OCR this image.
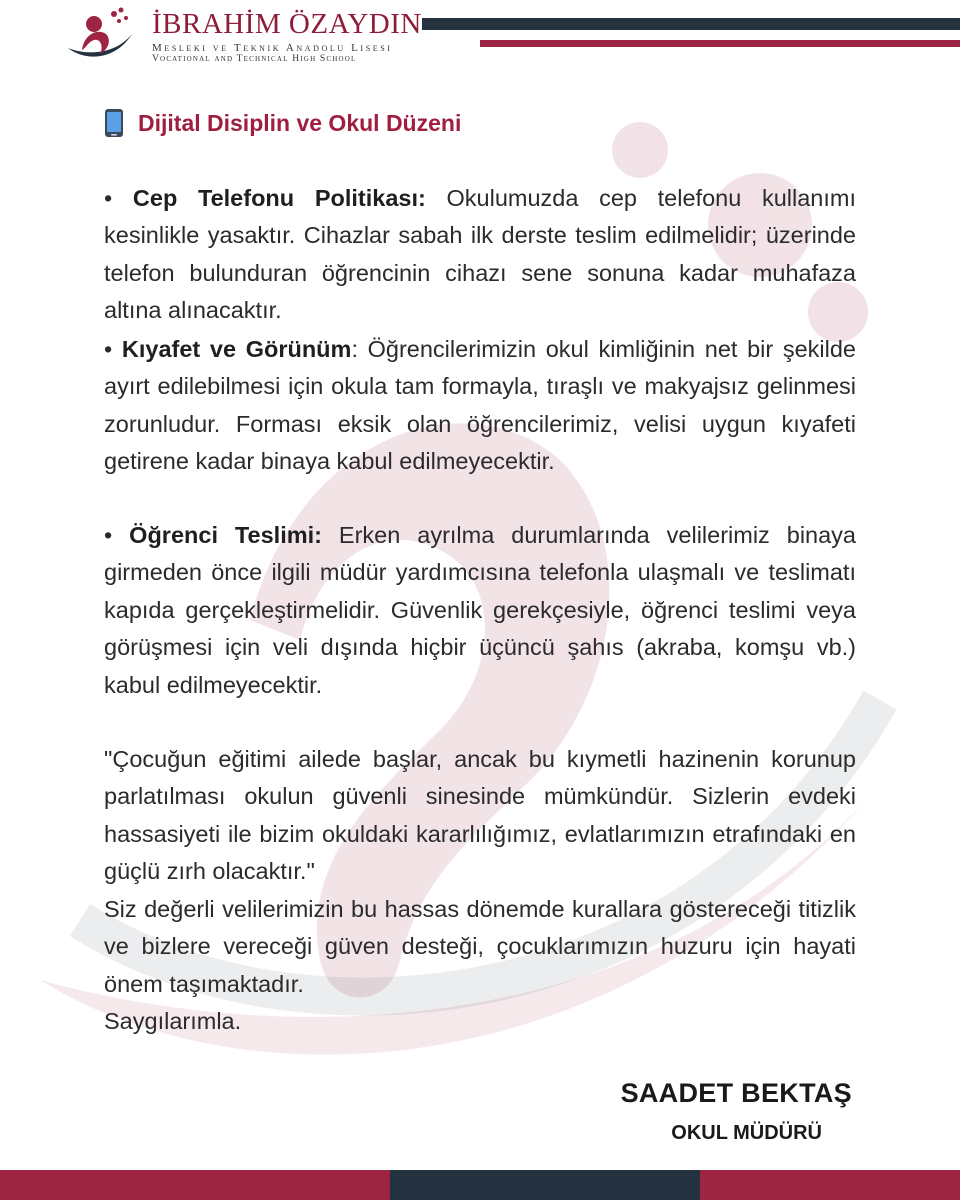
İBRAHİM ÖZAYDIN
Mesleki ve Teknik Anadolu Lisesi
Vocational and Technical High School
Dijital Disiplin ve Okul Düzeni
• Cep Telefonu Politikası: Okulumuzda cep telefonu kullanımı kesinlikle yasaktır. Cihazlar sabah ilk derste teslim edilmelidir; üzerinde telefon bulunduran öğrencinin cihazı sene sonuna kadar muhafaza altına alınacaktır.
• Kıyafet ve Görünüm: Öğrencilerimizin okul kimliğinin net bir şekilde ayırt edilebilmesi için okula tam formayla, tıraşlı ve makyajsız gelinmesi zorunludur. Forması eksik olan öğrencilerimiz, velisi uygun kıyafeti getirene kadar binaya kabul edilmeyecektir.
• Öğrenci Teslimi: Erken ayrılma durumlarında velilerimiz binaya girmeden önce ilgili müdür yardımcısına telefonla ulaşmalı ve teslimatı kapıda gerçekleştirmelidir. Güvenlik gerekçesiyle, öğrenci teslimi veya görüşmesi için veli dışında hiçbir üçüncü şahıs (akraba, komşu vb.) kabul edilmeyecektir.
"Çocuğun eğitimi ailede başlar, ancak bu kıymetli hazinenin korunup parlatılması okulun güvenli sinesinde mümkündür. Sizlerin evdeki hassasiyeti ile bizim okuldaki kararlılığımız, evlatlarımızın etrafındaki en güçlü zırh olacaktır."
Siz değerli velilerimizin bu hassas dönemde kurallara göstereceği titizlik ve bizlere vereceği güven desteği, çocuklarımızın huzuru için hayati önem taşımaktadır.
Saygılarımla.
SAADET BEKTAŞ
OKUL MÜDÜRÜ
